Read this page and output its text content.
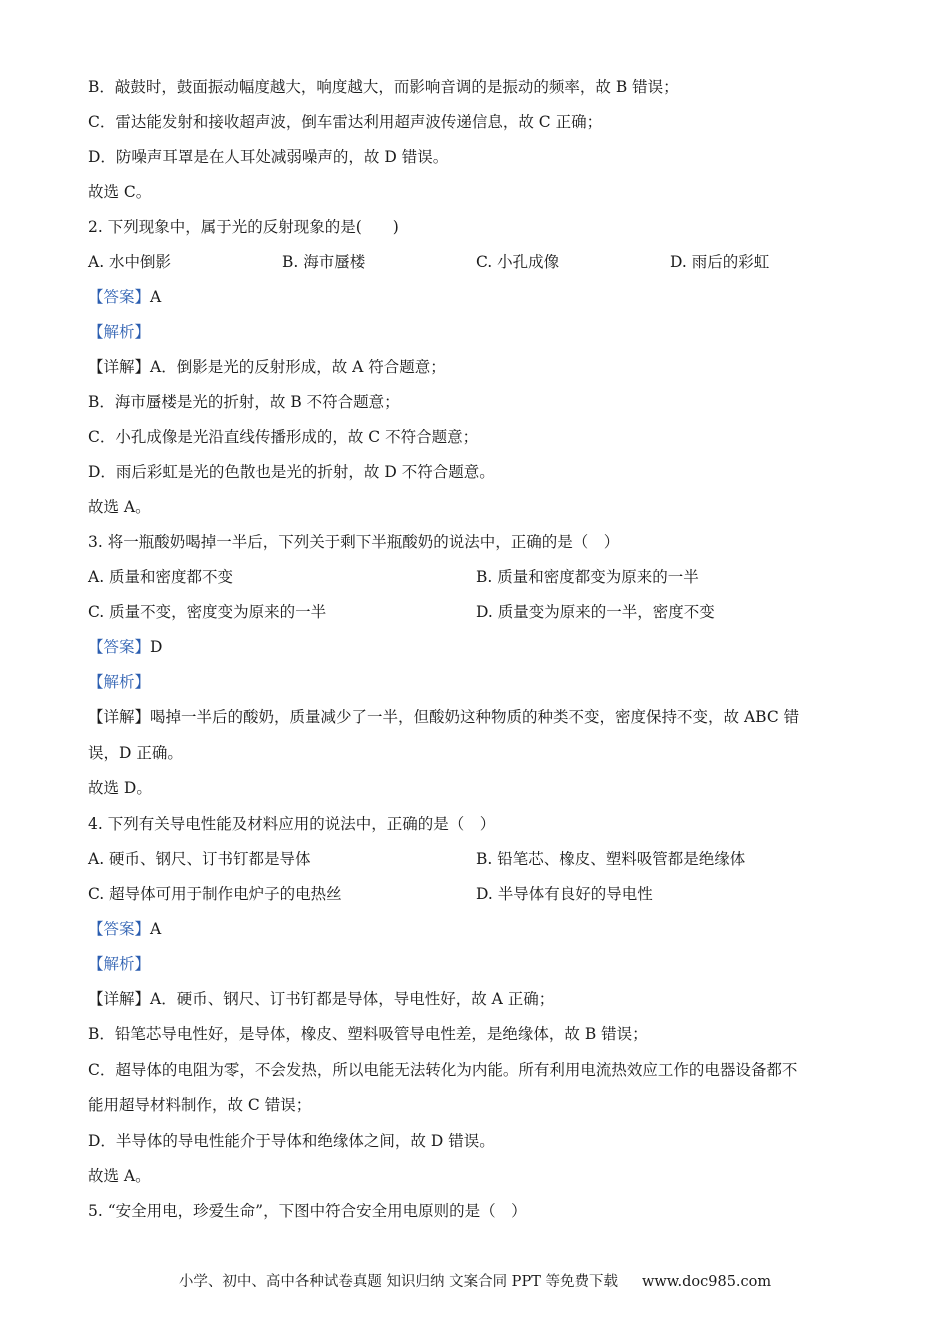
B．敲鼓时，鼓面振动幅度越大，响度越大，而影响音调的是振动的频率，故 B 错误；
C．雷达能发射和接收超声波，倒车雷达利用超声波传递信息，故 C 正确；
D．防噪声耳罩是在人耳处减弱噪声的，故 D 错误。
故选 C。
2. 下列现象中，属于光的反射现象的是(　　)
A. 水中倒影	B. 海市蜃楼	C. 小孔成像	D. 雨后的彩虹
【答案】A
【解析】
【详解】A．倒影是光的反射形成，故 A 符合题意；
B．海市蜃楼是光的折射，故 B 不符合题意；
C．小孔成像是光沿直线传播形成的，故 C 不符合题意；
D．雨后彩虹是光的色散也是光的折射，故 D 不符合题意。
故选 A。
3. 将一瓶酸奶喝掉一半后，下列关于剩下半瓶酸奶的说法中，正确的是（　）
A. 质量和密度都不变	B. 质量和密度都变为原来的一半
C. 质量不变，密度变为原来的一半	D. 质量变为原来的一半，密度不变
【答案】D
【解析】
【详解】喝掉一半后的酸奶，质量减少了一半，但酸奶这种物质的种类不变，密度保持不变，故 ABC 错
误，D 正确。
故选 D。
4. 下列有关导电性能及材料应用的说法中，正确的是（　）
A. 硬币、钢尺、订书钉都是导体	B. 铅笔芯、橡皮、塑料吸管都是绝缘体
C. 超导体可用于制作电炉子的电热丝	D. 半导体有良好的导电性
【答案】A
【解析】
【详解】A．硬币、钢尺、订书钉都是导体，导电性好，故 A 正确；
B．铅笔芯导电性好，是导体，橡皮、塑料吸管导电性差，是绝缘体，故 B 错误；
C．超导体的电阻为零，不会发热，所以电能无法转化为内能。所有利用电流热效应工作的电器设备都不
能用超导材料制作，故 C 错误；
D．半导体的导电性能介于导体和绝缘体之间，故 D 错误。
故选 A。
5. “安全用电，珍爱生命”，下图中符合安全用电原则的是（　）
小学、初中、高中各种试卷真题 知识归纳 文案合同 PPT 等免费下载 www.doc985.com
